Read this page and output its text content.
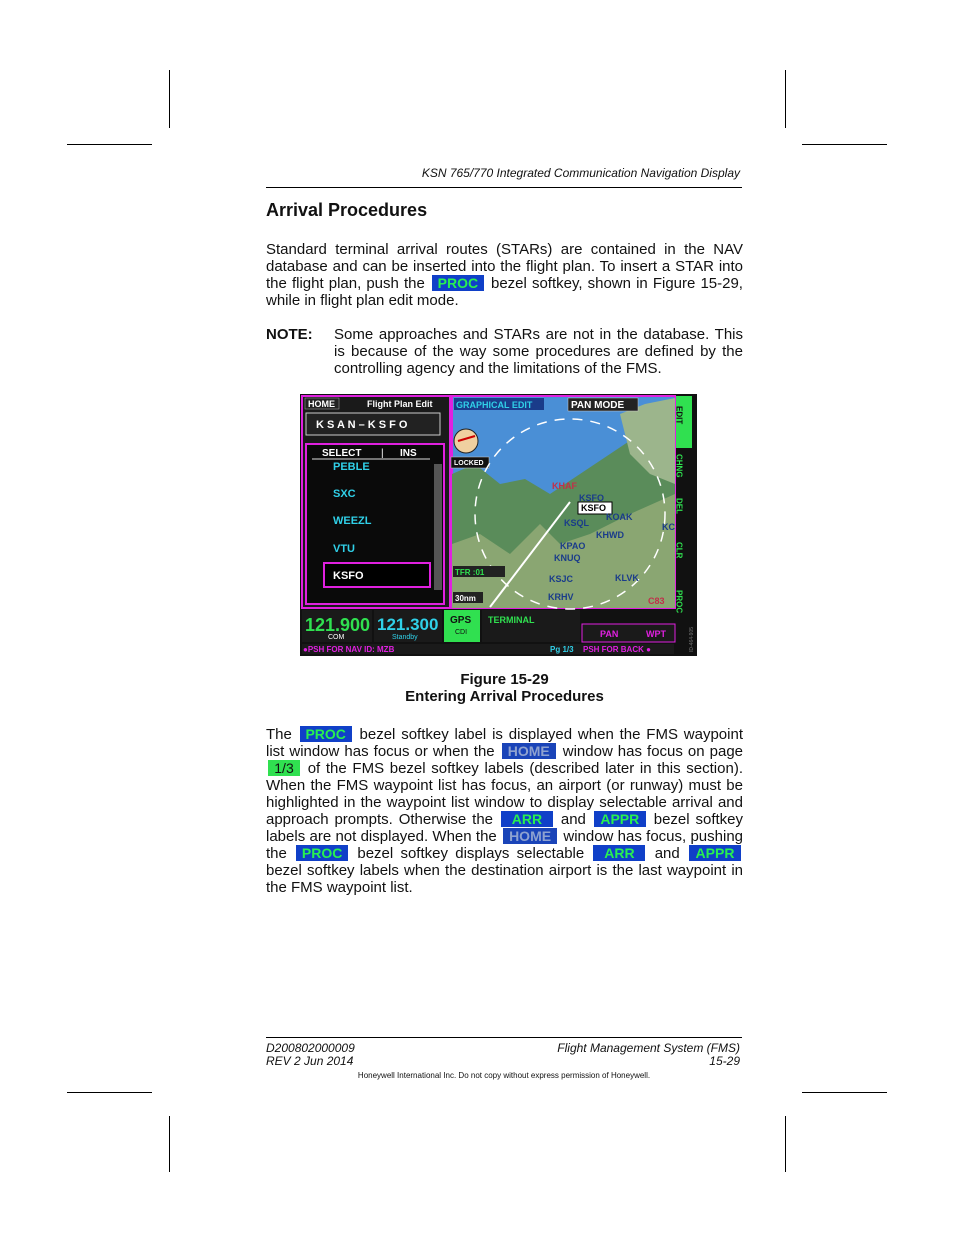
KSN 765/770 Integrated Communication Navigation Display
Arrival Procedures

Standard terminal arrival routes (STARs) are contained in the NAV database and can be inserted into the flight plan. To insert a STAR into the flight plan, push the PROC bezel softkey, shown in Figure 15-29, while in flight plan edit mode.

NOTE: Some approaches and STARs are not in the database. This is because of the way some procedures are defined by the controlling agency and the limitations of the FMS.

HOME	Flight Plan Edit
K S A N – K S F O
SELECT | INS
PEBLE
SXC
WEEZL
VTU
KSFO
GRAPHICAL EDIT	PAN MODE
LOCKED
KSFO
KHAF
KSFO
KSQL
KOAK
KHWD
KPAO
KNUQ
KSJC	KLVK
KRHV	C83
KC
TFR :01
30nm
EDIT
CHNG
DEL
CLR
PROC
121.900
COM
121.300
Standby
GPS
CDI
TERMINAL
PAN	WPT
●PSH FOR NAV ID: MZB	Pg 1/3 PSH FOR BACK ●	ID-464-905
Figure 15-29
Entering Arrival Procedures

The PROC bezel softkey label is displayed when the FMS waypoint list window has focus or when the HOME window has focus on page 1/3 of the FMS bezel softkey labels (described later in this section). When the FMS waypoint list has focus, an airport (or runway) must be highlighted in the waypoint list window to display selectable arrival and approach prompts. Otherwise the ARR and APPR bezel softkey labels are not displayed. When the HOME window has focus, pushing the PROC bezel softkey displays selectable ARR and APPR bezel softkey labels when the destination airport is the last waypoint in the FMS waypoint list.

D200802000009
REV 2 Jun 2014
Flight Management System (FMS)
15-29
Honeywell International Inc. Do not copy without express permission of Honeywell.
